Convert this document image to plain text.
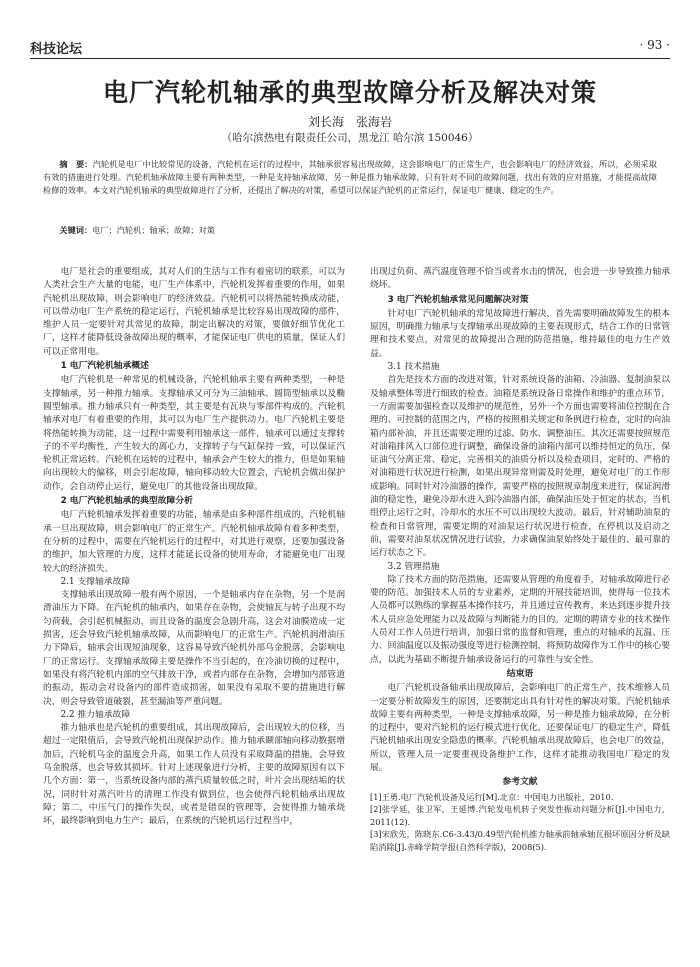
科技论坛	· 93 ·
电厂汽轮机轴承的典型故障分析及解决对策
刘长海　张海岩
（哈尔滨热电有限责任公司，黑龙江 哈尔滨 150046）
摘　要：汽轮机是电厂中比较常见的设备，汽轮机在运行的过程中，其轴承很容易出现故障，这会影响电厂的正常生产，也会影响电厂的经济效益，所以，必须采取有效的措施进行处理。汽轮机轴承故障主要有两种类型，一种是支持轴承故障，另一种是推力轴承故障，只有针对不同的故障问题，找出有效的应对措施，才能提高故障检修的效率。本文对汽轮机轴承的典型故障进行了分析，还提出了解决的对策，希望可以保证汽轮机的正常运行，保证电厂健康、稳定的生产。
关键词：电厂；汽轮机；轴承；故障；对策

电厂是社会的重要组成，其对人们的生活与工作有着密切的联系，可以为人类社会生产大量的电能，电厂生产体系中，汽轮机发挥着重要的作用，如果汽轮机出现故障，则会影响电厂的经济效益。汽轮机可以将热能转换成动能，可以带动电厂生产系统的稳定运行，汽轮机轴承是比较容易出现故障的部件，维护人员一定要针对其常见的故障，制定出解决的对策，要做好细节优化工厂，这样才能降低设备故障出现的概率，才能保证电厂供电的质量，保证人们可以正常用电。

1 电厂汽轮机轴承概述

电厂汽轮机是一种常见的机械设备，汽轮机轴承主要有两种类型，一种是支撑轴承，另一种推力轴承。支撑轴承又可分为三油轴承、圆筒型轴承以及椭圆型轴承。推力轴承只有一种类型，其主要是有瓦块与零部件构成的。汽轮机轴承对电厂有着重要的作用，其可以为电厂生产提供动力。电厂汽轮机主要是将热能转换为动能，这一过程中需要利用轴承这一部件，轴承可以通过支撑转子的不平均衡性，产生较大的离心力，支撑转子与气缸保持一致，可以保证汽轮机正常运转。汽轮机在运转的过程中，轴承会产生较大的推力，但是如果轴向出现较大的偏移，则会引起故障，轴向移动较大位置会，汽轮机会做出保护动作，会自动停止运行，避免电厂的其他设备出现故障。

2 电厂汽轮机轴承的典型故障分析

电厂汽轮机轴承发挥着重要的功能，轴承是由多种部件组成的，汽轮机轴承一旦出现故障，则会影响电厂的正常生产。汽轮机轴承故障有着多种类型，在分析的过程中，需要在汽轮机运行的过程中，对其进行观察，还要加强设备的维护，加大管理的力度，这样才能延长设备的使用寿命，才能避免电厂出现较大的经济损失。

2.1 支撑轴承故障

支撑轴承出现故障一般有两个原因，一个是轴承内存在杂物，另一个是润滑油压力下降。在汽轮机的轴承内，如果存在杂物，会使轴瓦与转子出现不均匀荷载，会引起机械振动，而且设备的温度会急剧升高，这会对油膜造成一定损害，还会导致汽轮机轴承故障，从而影响电厂的正常生产。汽轮机润滑油压力下降后，轴承会出现短油现象，这容易导致汽轮机外部乌金脱落，会影响电厂的正常运行。支撑轴承故障主要是操作不当引起的，在冷油切换的过程中，如果没有将汽轮机内部的空气排放干净，或者内部存在杂物，会增加内部管道的振动，振动会对设备内的部件造成损害，如果没有采取不要的措施进行解决，则会导致管道破裂，甚至漏油等严重问题。

2.2 推力轴承故障

推力轴承也是汽轮机的重要组成，其出现故障后，会出现较大的位移，当超过一定限值后，会导致汽轮机出现保护动作。推力轴承颞部轴向移动数据增加后，汽轮机乌金的温度会升高，如果工作人员没有采取降温的措施，会导致乌金脱落，也会导致其损坏。针对上述现象进行分析，主要的故障原因有以下几个方面：第一，当系统设备内部的蒸汽质量较低之时，叶片会出现结垢的状况，同时针对蒸汽叶片的清理工作没有做到位，也会使得汽轮机轴承出现故障；第二，中压气门的操作失误，或者是错误的管理等，会使得推力轴承烧坏，最终影响到电力生产；最后，在系统的汽轮机运行过程当中，

出现过负荷、蒸汽温度管理不恰当或者水击的情况，也会进一步导致推力轴承烧坏。

3 电厂汽轮机轴承常见问题解决对策

针对电厂汽轮机轴承的常见故障进行解决，首先需要明确故障发生的根本原因，明确推力轴承与支撑轴承出现故障的主要表现形式，结合工作的日常管理和技术要点，对常见的故障提出合理的防范措施，维持最佳的电力生产效益。

3.1 技术措施

首先是技术方面的改进对策，针对系统设备的油箱、冷油器、复制油泵以及轴承整体等进行细致的检查。油箱是系统设备日常操作和维护的重点环节，一方面需要加强检查以及维护的规范性，另外一个方面也需要将油位控制在合理的、可控制的范围之内，严格的按照相关规定和条例进行检查，定时的向油箱内部补油，并且还需要定理的过滤、防水、调整油压。其次还需要按照规范对油箱排风入口部位进行调整，确保设备的油箱内部可以维持恒定的负压，保证油气分离正常、稳定，完善相关的油质分析以及检查项目，定时的、严格的对油箱进行状况进行检测，如果出现异常则需及时处理，避免对电厂的工作形成影响。同时针对冷油器的操作，需要严格的按照规章制度来进行，保证润滑油的稳定性，避免冷却水进入到冷油器内部，确保油压处于恒定的状态，当机组停止运行之时，冷却水的水压不可以出现较大波动。最后，针对辅助油泵的检查和日常管理，需要定期的对油泵运行状况进行检查，在停机以及启动之前，需要对油泵状况情况进行试验，力求确保油泵始终处于最佳的、最可靠的运行状态之下。

3.2 管理措施

除了技术方面的防范措施，还需要从管理的角度着手，对轴承故障进行必要的防范。加强技术人员的专业素养，定期的开展技能培训，使得每一位技术人员都可以熟练的掌握基本操作技巧，并且通过宣传教育，来达到逐步提升技术人员应急处理能力以及故障与判断能力的目的。定期的聘请专业的技术操作人员对工作人员进行培训，加强日常的监督和管理，重点的对轴承的瓦温、压力、回油温度以及振动强度等进行检测控制，将预防故障作为工作中的核心要点，以此为基础不断提升轴承设备运行的可靠性与安全性。

结束语

电厂汽轮机设备轴承出现故障后，会影响电厂的正常生产，技术维修人员一定要分析故障发生的原因，还要制定出具有针对性的解决对策。汽轮机轴承故障主要有两种类型，一种是支撑轴承故障，另一种是推力轴承故障，在分析的过程中，要对汽轮机的运行模式进行优化，还要保证电厂的稳定生产，降低汽轮机轴承出现安全隐患的概率。汽轮机轴承出现故障后，也会电厂的效益，所以，管理人员一定要重视设备维护工作，这样才能推动我国电厂稳定的发展。

参考文献

[1]王勇.电厂汽轮机设备及运行[M].北京：中国电力出版社，2010.

[2]张学延，张卫军，王延博.汽轮发电机转子突发性振动问题分析[J].中国电力，2011(12).

[3]宋欣先，陈晓东.C6-3.43/0.49型汽轮机推力轴承前轴承轴瓦损坏原因分析及缺陷消除[J].赤峰学院学报(自然科学版)，2008(5).
